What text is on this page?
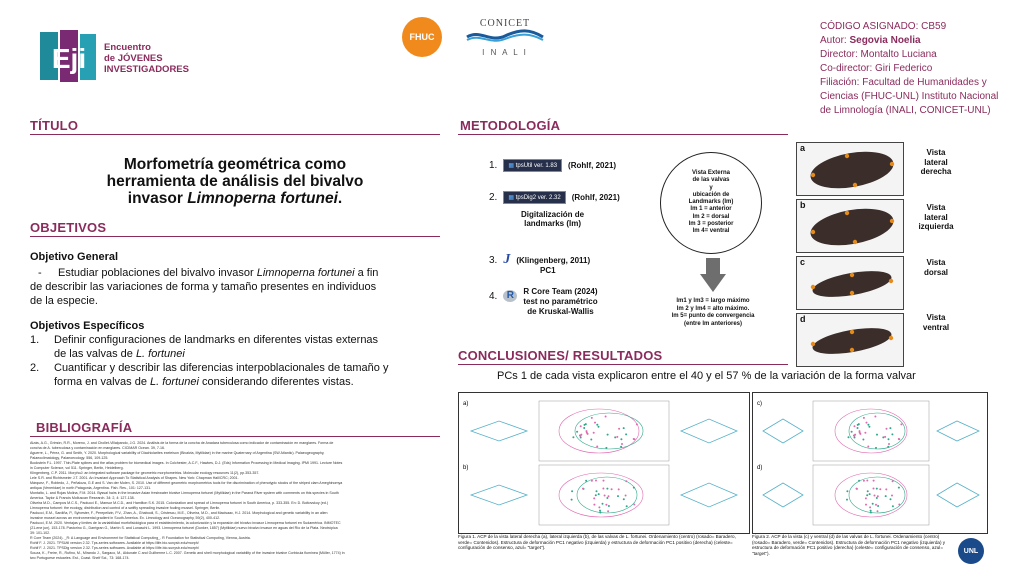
Eji Encuentro
de JÓVENES
INVESTIGADORES
FHUC
CONICET
I N A L I
CÓDIGO ASIGNADO: CB59
Autor: Segovia Noelia
Director: Montalto Luciana
Co-director: Giri Federico
Filiación: Facultad de Humanidades y
Ciencias (FHUC-UNL) Instituto Nacional
de Limnología (INALI, CONICET-UNL)
TÍTULO
Morfometría geométrica como
herramienta de análisis del bivalvo
invasor Limnoperna fortunei.
OBJETIVOS
Objetivo General
- Estudiar poblaciones del bivalvo invasor Limnoperna fortunei a fin
de describir las variaciones de forma y tamaño presentes en individuos
de la especie.
Objetivos Específicos
1. Definir configuraciones de landmarks en diferentes vistas externas
de las valvas de L. fortunei
2. Cuantificar y describir las diferencias interpoblacionales de tamaño y
forma en valvas de L. fortunei considerando diferentes vistas.
BIBLIOGRAFÍA
Alzás, A.G., Grimón, R.R., Moreno, J. and Chollet-Villalpando, J.G. 2024. Análisis de la forma de la concha de Anadara tuberculosa como indicador de contaminación en manglares. Forma de
concha de A. tuberculosa y contaminación en manglares. CICIMAR Ocean. 39, 7-16.
Aguerre, L., Pérez, G. and Smith, Y. 2020. Morphological variability of Diachiclarites exeleison (Bivalvia, Mytilidae) in the marine Quaternary of Argentina (SW Atlantic). Palaeogeography,
Palaeoclimatology, Palaeoecology. 556, 109-125.
Bookstein F.L. 1997. Thin-Plate splines and the atlas problem for biomedical images. In Colchester, A.C.F., Hawkes, D.J. (Eds) Information Processing in Medical Imaging. IPMI 1991. Lecture Notes
in Computer Science, vol 511. Springer, Berlin, Heidelberg.
Klingenberg, C.P. 2011. MorphoJ: an integrated software package for geometric morphometrics. Molecular ecology resources 11(2), pp.353-357.
Lele S.R. and Richtsmeier J.T. 2001. An Invariant Approach To Statistical Analysis of Shapes. New York: Chapman Hall/CRC; 2001.
Márquez, F., Robledo, J., Peñaloza, G.E and S. Van der Molen, S. 2010. Use of different geometric morphometrics tools for the discrimination of phenotypic stocks of the striped clam Ameghinomya
antiqua (Veneridae) in north Patagonia, Argentina. Fish. Res., 101: 127-131.
Montalto, L. and Rojas Molina, F.M. 2014. Byssal hairs in the invasive Asian freshwater bivalve Limnoperna fortunei (Mytilidae) in the Paraná River system with comments on this species in South
America. Taylor & Francis Molluscan Research. 34: 2, 4: 127-138.
Oliveira M.D., Campos M.C.S., Paolucci E., Mansur M.C.D., and Hamilton S.K. 2015. Colonization and spread of Limnoperna fortunei in South America, p. 333-355. En: D. Boltovskoy (ed.)
Limnoperna fortunei: the ecology, distribution and control of a swiftly spreading invasive fouling mussel. Springer, Berlin.
Paolucci, E.M., Sardiña, P., Sylvester, F., Perepelizin, P.V., Zhan, A., Ghabooli, S., Cristescu, M.E., Oliveira, M.D., and Macisaac, H.J. 2014. Morphological and genetic variability in an alien
invasive mussel across an environmental gradient in South America. Ex. Limnology and Oceanography, 59(2), 400-412.
Paolucci, E.M. 2020. Ventajas y límites de la variabilidad morfofisiológica para el establecimiento, la colonización y la expansión del bivalvo invasor Limnoperna fortunei en Sudamérica. INMOTEC
(21-ene jun), 153-178. Pastorino G., Darrigran G., Martín S. and Lunaschi L. 1993. Limnoperna fortunei (Dunker, 1857) (Mytilidae) nuevo bivalvo invasor en aguas del Río de la Plata. Neotrópica
39: 101-102.
R Core Team (2024). _R: A Language and Environment for Statistical Computing_. R Foundation for Statistical Computing, Vienna, Austria.
Rohlf F. J. 2021. TPSUtil version 2.32. Tps-series softwares. Available at https://life.bio.sunysb.edu/morph/
Rohlf F. J. 2021. TPSDig version 2.32. Tps-series softwares. Available at https://life.bio.sunysb.edu/morph/
Souza, K., Freire, R., Rufino, M., Mirando J., Sargaco, M., Aldunate C and Guilherme L.C. 2007. Genetic and shell morphological variability of the invasive bivalve Corbicula fluminea (Müller, 1774) in
two Portuguese estuaries. Est., Coast. Shelf Sci., 73: 168-174.
METODOLOGÍA
1.	▦ tpsUtil ver. 1.83	(Rohlf, 2021)
2.	▦ tpsDig2 ver. 2.32	(Rohlf, 2021)
Digitalización de
landmarks (lm)
3. J (Klingenberg, 2011)
PC1
4. R	R Core Team (2024)
test no paramétrico
de Kruskal-Wallis
Vista Externa
de las valvas
y
ubicación de
Landmarks (lm)
lm 1 = anterior
lm 2 = dorsal
lm 3 = posterior
lm 4= ventral
lm1 y lm3 = largo máximo
lm 2 y lm4 = alto máximo.
lm 5= punto de convergencia
(entre lm anteriores)
a
b
c
d
Vista
lateral
derecha
Vista
lateral
izquierda
Vista
dorsal
Vista
ventral
CONCLUSIONES/ RESULTADOS
PCs 1 de cada vista explicaron entre el 40 y el 57 % de la variación de la forma valvar
a)
b)
Figura 1. ACP de la vista lateral derecha (a), lateral izquierda (b), de las valvas de L. fortunei. Ordenamiento (centro) (rosado= Baradero, verde= Contenidos). Estructura de deformación PC1 negativo (izquierda) y estructura de deformación PC1 positivo (derecha) (celeste= configuración de consenso, azul= "target").
c)
d)
Figura 2. ACP de la vista (c) y ventral (d) de las valvas de L. fortunei. Ordenamiento (centro) (rosado= Baradero, verde= Contenidos). Estructura de deformación PC1 negativo (izquierda) y estructura de deformación PC1 positivo (derecha) (celeste= configuración de consenso, azul= "target").	UNL
